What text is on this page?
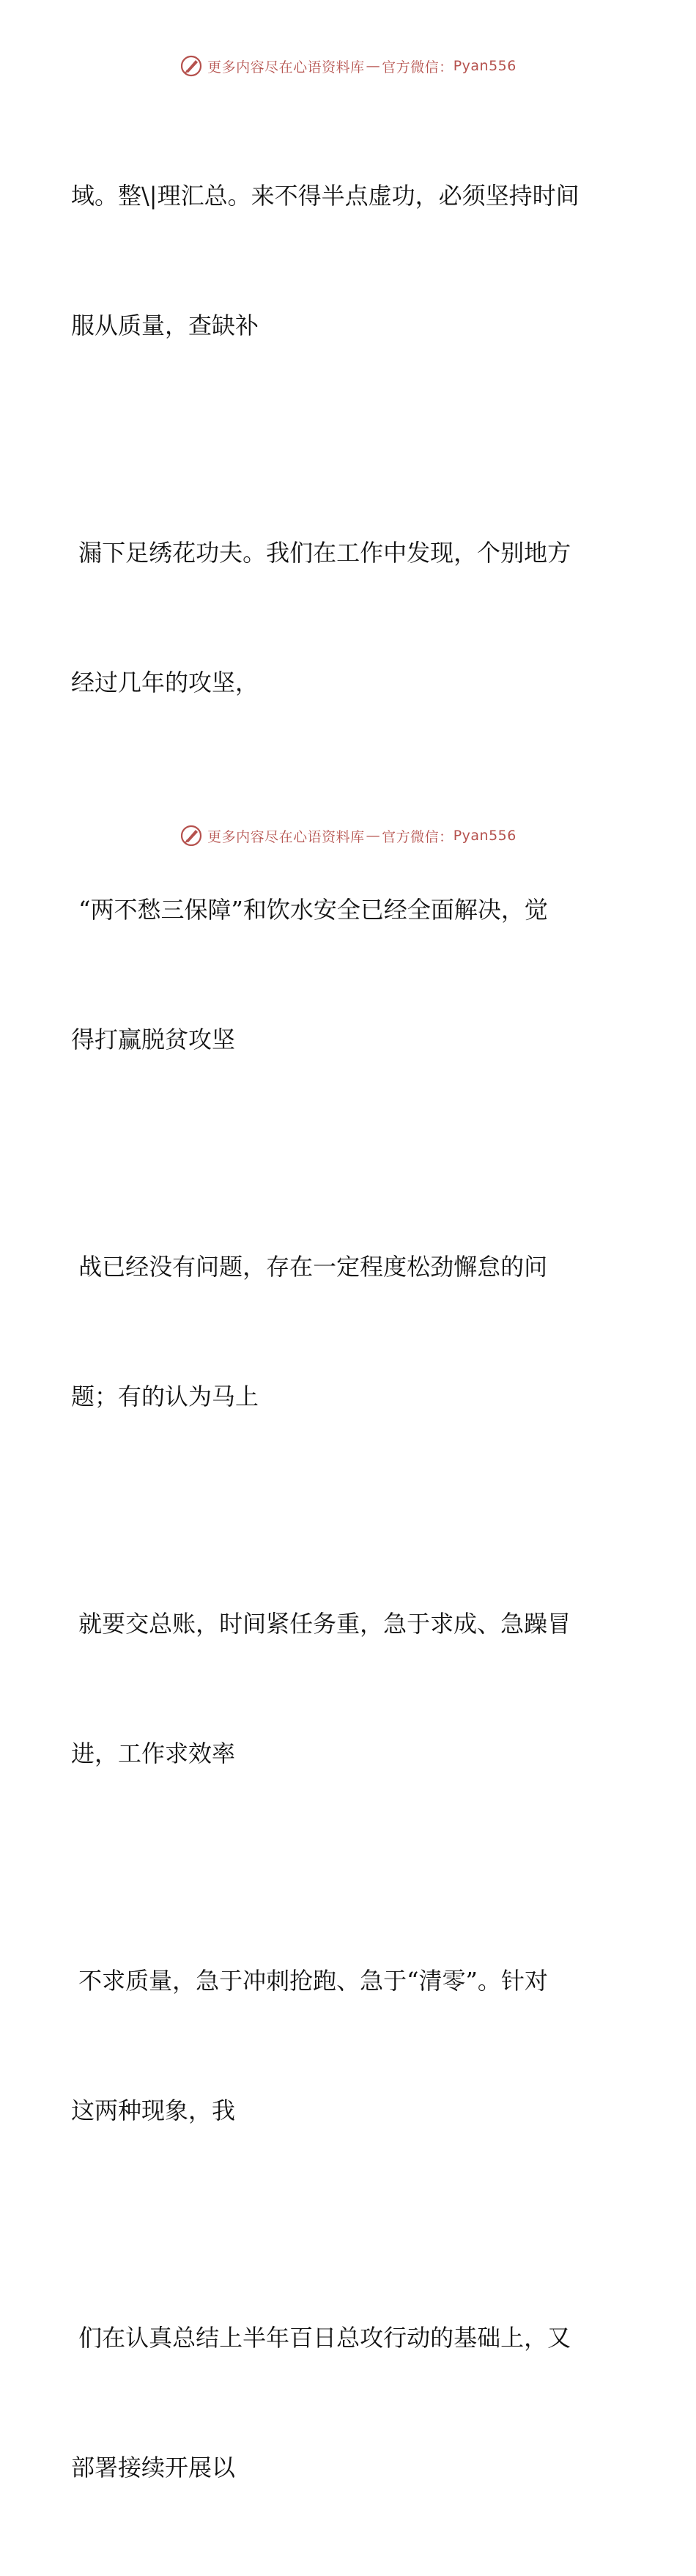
更多内容尽在心语资料库 — 官方微信： Pyan556

域。整\|理汇总。来不得半点虚功，必须坚持时间

服从质量，查缺补

漏下足绣花功夫。我们在工作中发现，个别地方

经过几年的攻坚，

“两不愁三保障”和饮水安全已经全面解决，觉

得打赢脱贫攻坚

战已经没有问题，存在一定程度松劲懈怠的问

题；有的认为马上

就要交总账，时间紧任务重，急于求成、急躁冒

进，工作求效率

不求质量，急于冲刺抢跑、急于“清零”。针对

这两种现象，我

们在认真总结上半年百日总攻行动的基础上，又

部署接续开展以

更多内容尽在心语资料库 — 官方微信： Pyan556
